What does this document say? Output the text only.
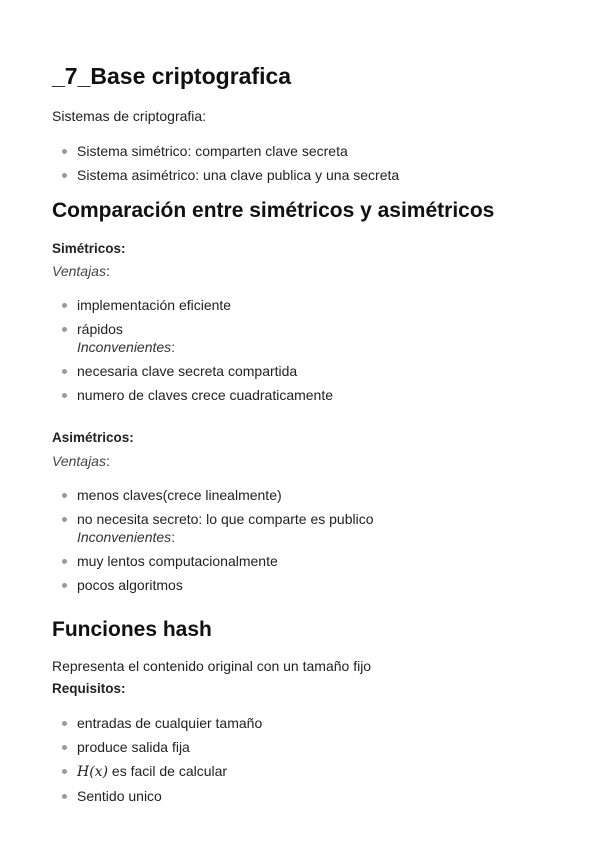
_7_Base criptografica
Sistemas de criptografia:
Sistema simétrico: comparten clave secreta
Sistema asimétrico: una clave publica y una secreta
Comparación entre simétricos y asimétricos
Simétricos:
Ventajas:
implementación eficiente
rápidos
Inconvenientes:
necesaria clave secreta compartida
numero de claves crece cuadraticamente
Asimétricos:
Ventajas:
menos claves(crece linealmente)
no necesita secreto: lo que comparte es publico
Inconvenientes:
muy lentos computacionalmente
pocos algoritmos
Funciones hash
Representa el contenido original con un tamaño fijo
Requisitos:
entradas de cualquier tamaño
produce salida fija
H(x) es facil de calcular
Sentido unico
